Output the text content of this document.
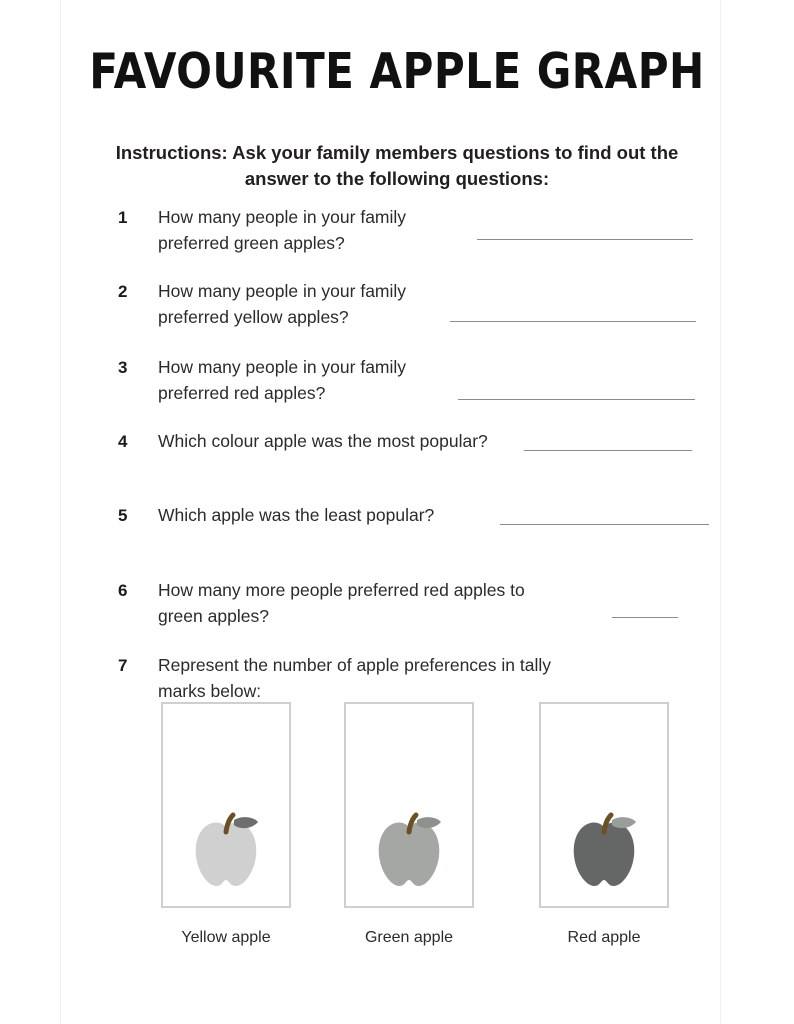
FAVOURITE APPLE GRAPH
Instructions: Ask your family members questions to find out the answer to the following questions:
1	How many people in your family
preferred green apples?
2	How many people in your family
preferred yellow apples?
3	How many people in your family
preferred red apples?
4	Which colour apple was the most popular?
5	Which apple was the least popular?
6	How many more people preferred red apples to
green apples?
7	Represent the number of apple preferences in tally
marks below:
Yellow apple	Green apple	Red apple
